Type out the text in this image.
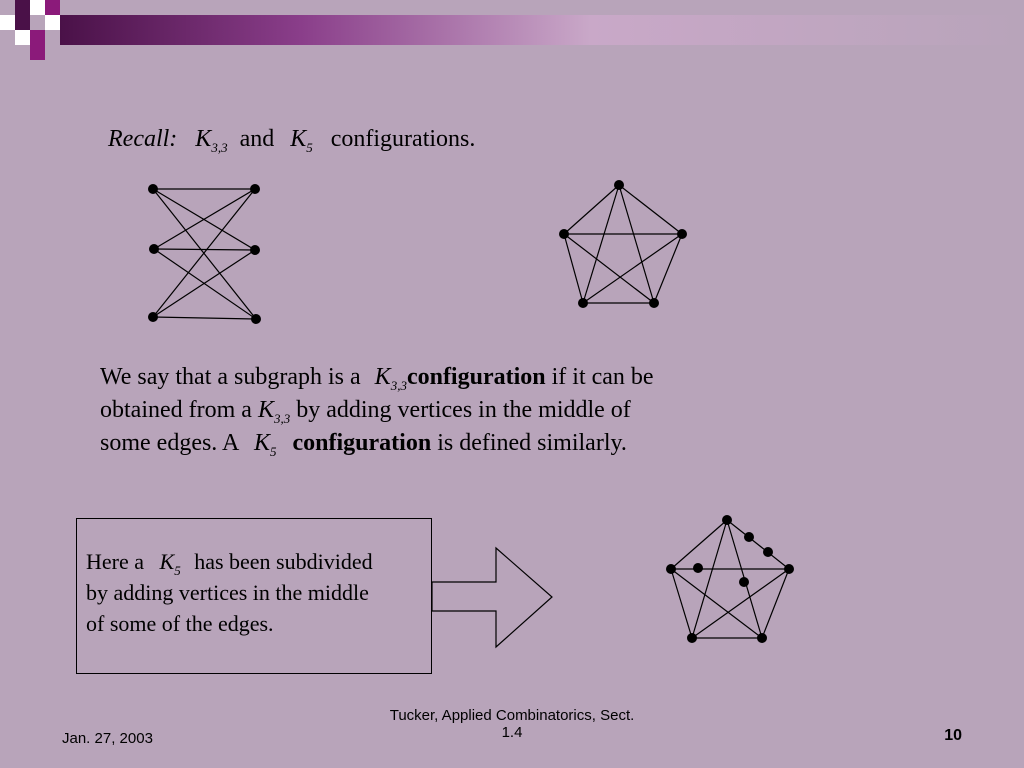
Recall: $K_{3,3}$ and $K_5$ configurations.
We say that a subgraph is a $K_{3,3}configuration$ if it can be
obtained from a $K_{3,3}$ by adding vertices in the middle of
some edges. A $K_5$ configuration is defined similarly.
Here a $K_5$ has been subdivided
by adding vertices in the middle
of some of the edges.
Jan. 27, 2003
Tucker, Applied Combinatorics, Sect.
1.4	10
